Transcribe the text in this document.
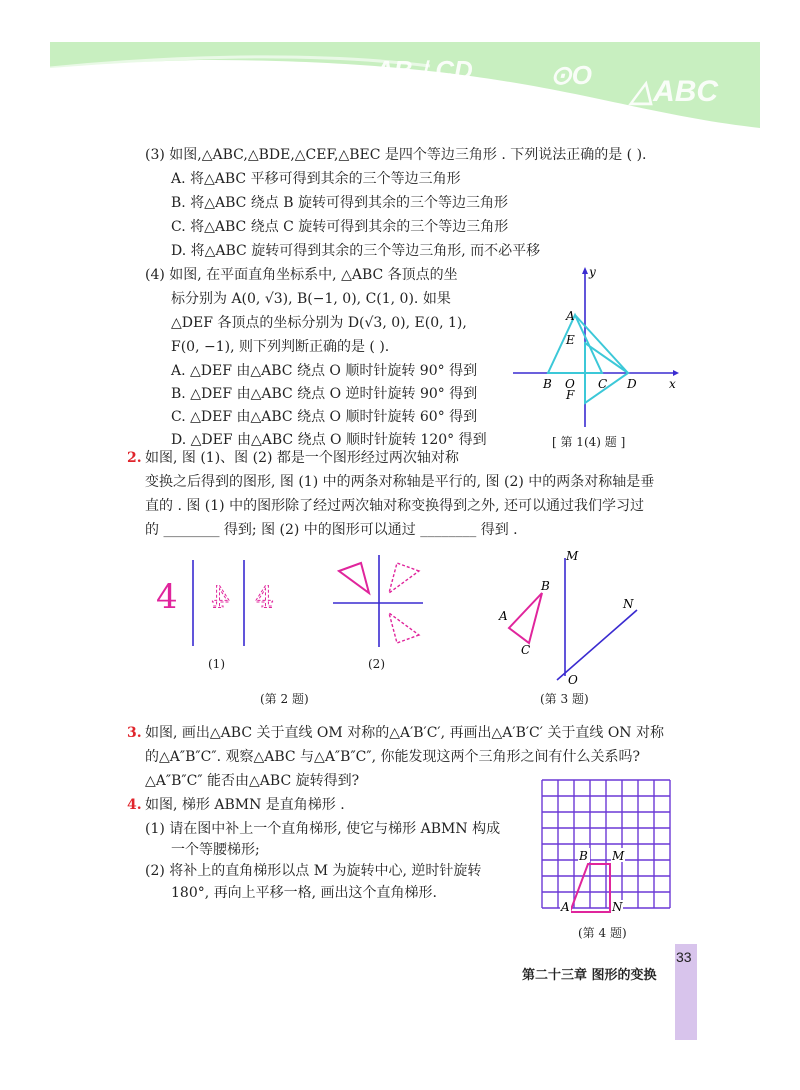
AB⊥CD	⊙O △ABC
(3) 如图,△ABC,△BDE,△CEF,△BEC 是四个等边三角形 . 下列说法正确的是 ( ).
A. 将△ABC 平移可得到其余的三个等边三角形
B. 将△ABC 绕点 B 旋转可得到其余的三个等边三角形
C. 将△ABC 绕点 C 旋转可得到其余的三个等边三角形
D. 将△ABC 旋转可得到其余的三个等边三角形, 而不必平移
(4) 如图, 在平面直角坐标系中, △ABC 各顶点的坐
标分别为 A(0, √3), B(−1, 0), C(1, 0). 如果
△DEF 各顶点的坐标分别为 D(√3, 0), E(0, 1),
F(0, −1), 则下列判断正确的是 ( ).
A. △DEF 由△ABC 绕点 O 顺时针旋转 90° 得到
B. △DEF 由△ABC 绕点 O 逆时针旋转 90° 得到
C. △DEF 由△ABC 绕点 O 顺时针旋转 60° 得到
D. △DEF 由△ABC 绕点 O 顺时针旋转 120° 得到
y
x
A
E
B O C D
F
[ 第 1(4) 题 ]
2. 如图, 图 (1)、图 (2) 都是一个图形经过两次轴对称
变换之后得到的图形, 图 (1) 中的两条对称轴是平行的, 图 (2) 中的两条对称轴是垂
直的 . 图 (1) 中的图形除了经过两次轴对称变换得到之外, 还可以通过我们学习过
的 ________ 得到; 图 (2) 中的图形可以通过 ________ 得到 .
4 4 4
(1)	(2)
(第 2 题)
M
B
A
C
N
O
(第 3 题)
3. 如图, 画出△ABC 关于直线 OM 对称的△A′B′C′, 再画出△A′B′C′ 关于直线 ON 对称
的△A″B″C″. 观察△ABC 与△A″B″C″, 你能发现这两个三角形之间有什么关系吗?
△A″B″C″ 能否由△ABC 旋转得到?
4. 如图, 梯形 ABMN 是直角梯形 .
(1) 请在图中补上一个直角梯形, 使它与梯形 ABMN 构成
一个等腰梯形;
(2) 将补上的直角梯形以点 M 为旋转中心, 逆时针旋转
180°, 再向上平移一格, 画出这个直角梯形.
B M
A	N
(第 4 题)
第二十三章 图形的变换
33
